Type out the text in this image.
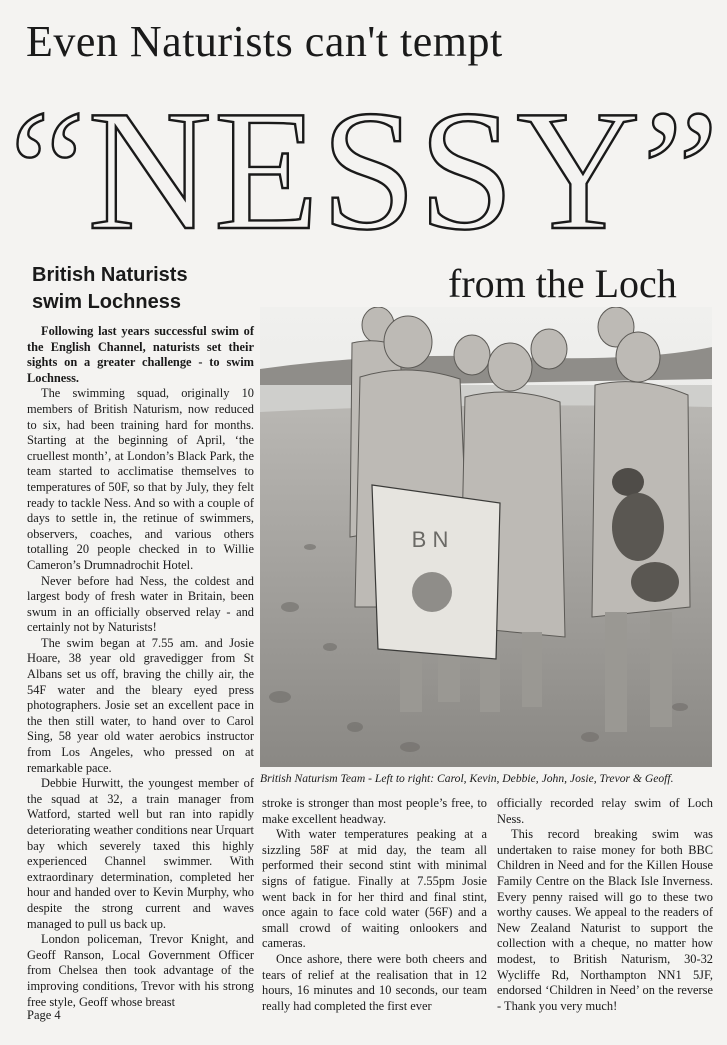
Even Naturists can't tempt
“NESSY”
from the Loch
British Naturists
swim Lochness
B N
British Naturism Team - Left to right: Carol, Kevin, Debbie, John, Josie, Trevor & Geoff.

Following last years successful swim of the English Channel, naturists set their sights on a greater challenge - to swim Lochness.

The swimming squad, originally 10 members of British Naturism, now reduced to six, had been training hard for months. Starting at the beginning of April, ‘the cruellest month’, at London’s Black Park, the team started to acclimatise themselves to temperatures of 50F, so that by July, they felt ready to tackle Ness. And so with a couple of days to settle in, the retinue of swimmers, observers, coaches, and various others totalling 20 people checked in to Willie Cameron’s Drumnadrochit Hotel.

Never before had Ness, the coldest and largest body of fresh water in Britain, been swum in an officially observed relay - and certainly not by Naturists!

The swim began at 7.55 am. and Josie Hoare, 38 year old gravedigger from St Albans set us off, braving the chilly air, the 54F water and the bleary eyed press photographers. Josie set an excellent pace in the then still water, to hand over to Carol Sing, 58 year old water aerobics instructor from Los Angeles, who pressed on at remarkable pace.

Debbie Hurwitt, the youngest member of the squad at 32, a train manager from Watford, started well but ran into rapidly deteriorating weather conditions near Urquart bay which severely taxed this highly experienced Channel swimmer. With extraordinary determination, completed her hour and handed over to Kevin Murphy, who despite the strong current and waves managed to pull us back up.

London policeman, Trevor Knight, and Geoff Ranson, Local Government Officer from Chelsea then took advantage of the improving conditions, Trevor with his strong free style, Geoff whose breast

stroke is stronger than most people’s free, to make excellent headway.

With water temperatures peaking at a sizzling 58F at mid day, the team all performed their second stint with minimal signs of fatigue. Finally at 7.55pm Josie went back in for her third and final stint, once again to face cold water (56F) and a small crowd of waiting onlookers and cameras.

Once ashore, there were both cheers and tears of relief at the realisation that in 12 hours, 16 minutes and 10 seconds, our team really had completed the first ever

officially recorded relay swim of Loch Ness.

This record breaking swim was undertaken to raise money for both BBC Children in Need and for the Killen House Family Centre on the Black Isle Inverness. Every penny raised will go to these two worthy causes. We appeal to the readers of New Zealand Naturist to support the collection with a cheque, no matter how modest, to British Naturism, 30-32 Wycliffe Rd, Northampton NN1 5JF, endorsed ‘Children in Need’ on the reverse - Thank you very much!

Page 4
